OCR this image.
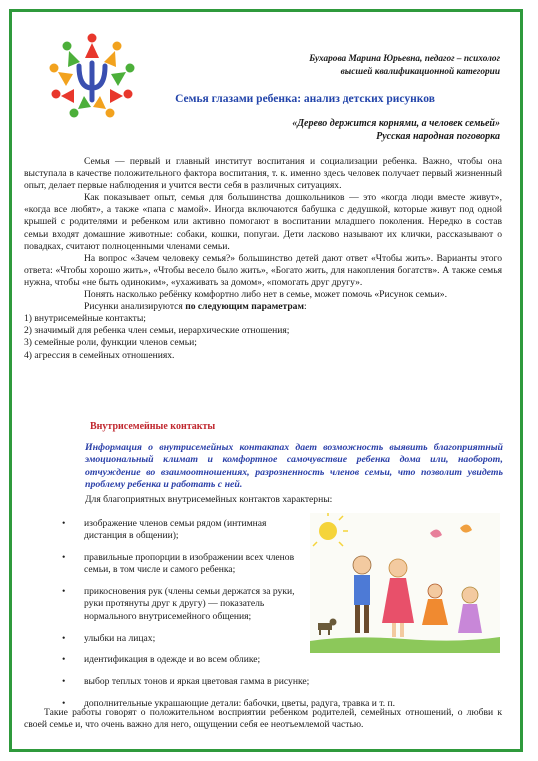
Бухарова Марина Юрьевна, педагог – психолог
высшей квалификационной категории
Семья глазами ребенка: анализ детских рисунков
«Дерево держится корнями, а человек семьей»
Русская народная поговорка

Семья — первый и главный институт воспитания и социализации ребенка. Важно, чтобы она выступала в качестве положительного фактора воспитания, т. к. именно здесь человек получает первый жизненный опыт, делает первые наблюдения и учится вести себя в различных ситуациях.

Как показывает опыт, семья для большинства дошкольников — это «когда люди вместе живут», «когда все любят», а также «папа с мамой». Иногда включаются бабушка с дедушкой, которые живут под одной крышей с родителями и ребенком или активно помогают в воспитании младшего поколения. Нередко в состав семьи входят домашние животные: собаки, кошки, попугаи. Дети ласково называют их клички, рассказывают о повадках, считают полноценными членами семьи.

На вопрос «Зачем человеку семья?» большинство детей дают ответ «Чтобы жить». Варианты этого ответа: «Чтобы хорошо жить», «Чтобы весело было жить», «Богато жить, для накопления богатств». А также семья нужна, чтобы «не быть одиноким», «ухаживать за домом», «помогать друг другу».

Понять насколько ребёнку комфортно либо нет в семье, может помочь «Рисунок семьи».

Рисунки анализируются по следующим параметрам:

1) внутрисемейные контакты;

2) значимый для ребенка член семьи, иерархические отношения;

3) семейные роли, функции членов семьи;

4) агрессия в семейных отношениях.

Внутрисемейные контакты
Информация о внутрисемейных контактах дает возможность выявить благоприятный эмоциональный климат и комфортное самочувствие ребенка дома или, наоборот, отчуждение во взаимоотношениях, разрозненность членов семьи, что позволит увидеть проблему ребенка и работать с ней.
Для благоприятных внутрисемейных контактов характерны:
• изображение членов семьи рядом (интимная дистанция в общении);
• правильные пропорции в изображении всех членов семьи, в том числе и самого ребенка;
• прикосновения рук (члены семьи держатся за руки, руки протянуты друг к другу) — показатель нормального внутрисемейного общения;
• улыбки на лицах;
• идентификация в одежде и во всем облике;
• выбор теплых тонов и яркая цветовая гамма в рисунке;
• дополнительные украшающие детали: бабочки, цветы, радуга, травка и т. п.
Такие работы говорят о положительном восприятии ребенком родителей, семейных отношений, о любви к своей семье и, что очень важно для него, ощущении себя ее неотъемлемой частью.
